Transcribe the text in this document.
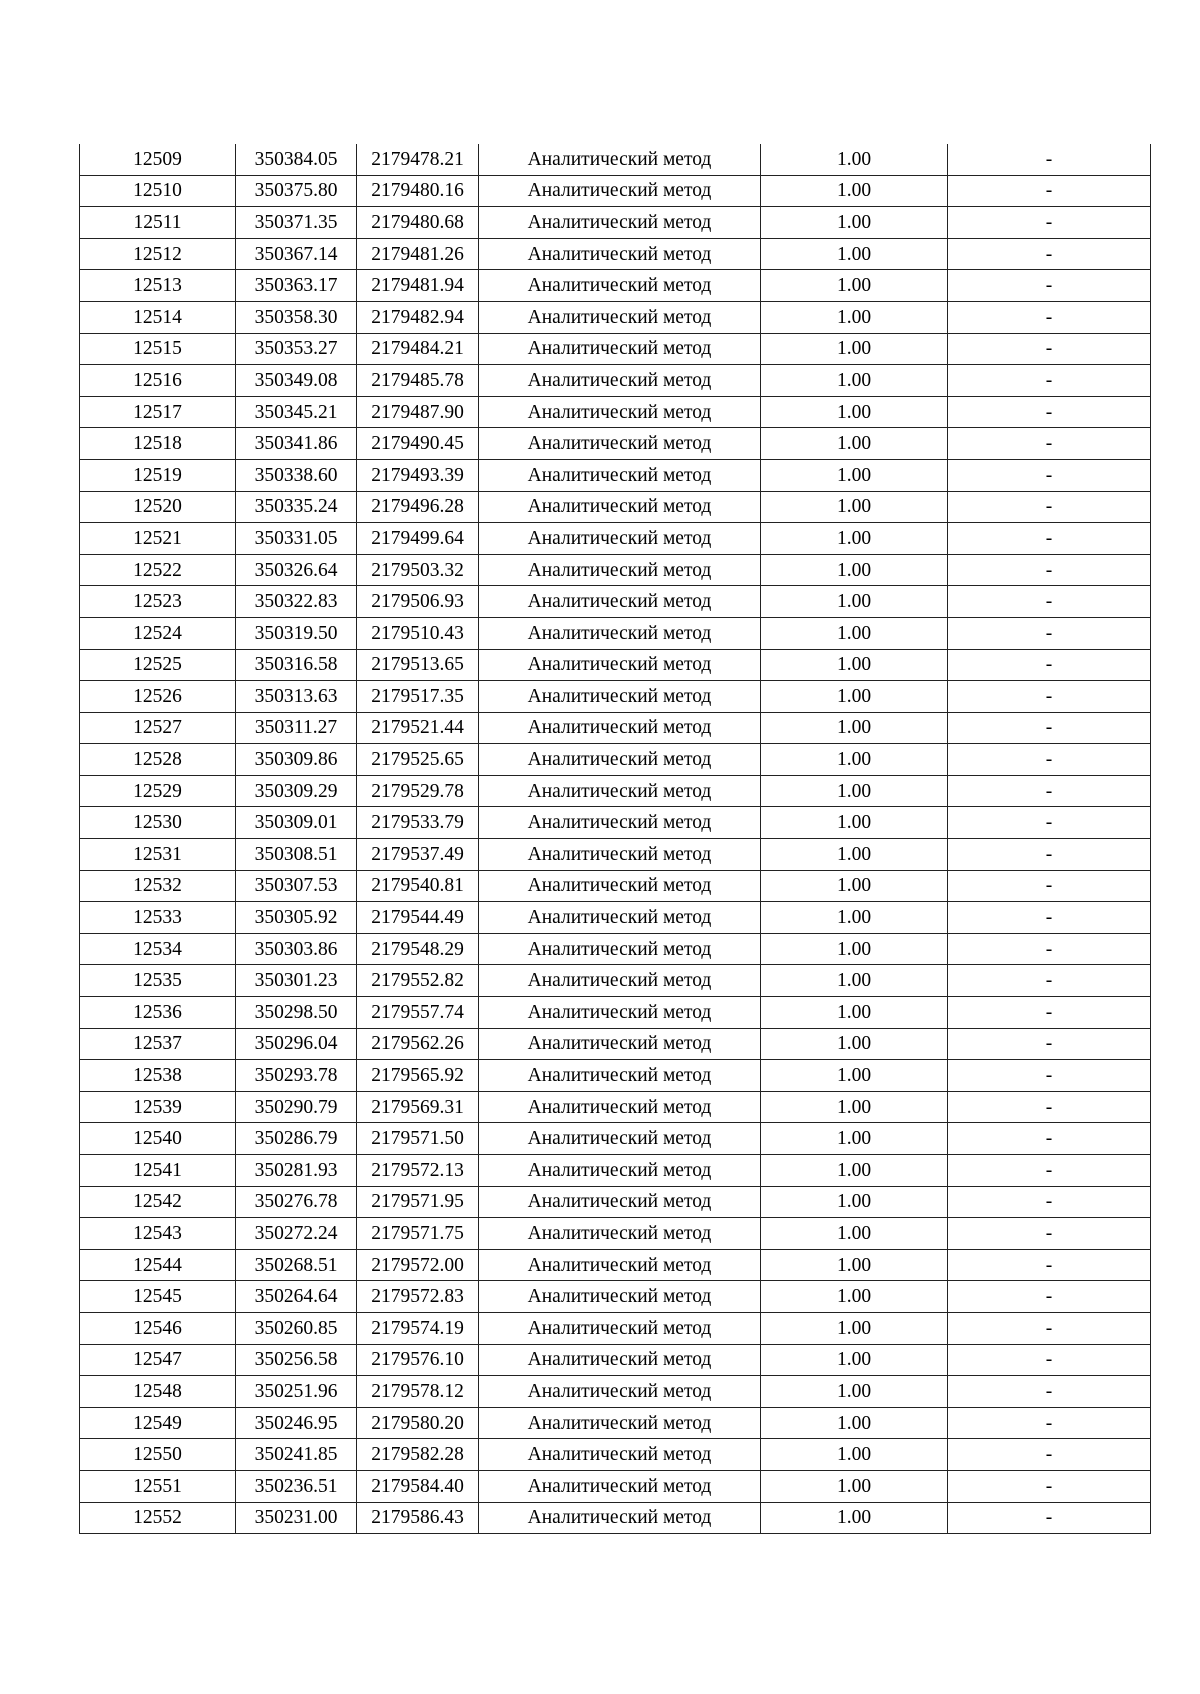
12509	350384.05	2179478.21	Аналитический метод	1.00	-
12510	350375.80	2179480.16	Аналитический метод	1.00	-
12511	350371.35	2179480.68	Аналитический метод	1.00	-
12512	350367.14	2179481.26	Аналитический метод	1.00	-
12513	350363.17	2179481.94	Аналитический метод	1.00	-
12514	350358.30	2179482.94	Аналитический метод	1.00	-
12515	350353.27	2179484.21	Аналитический метод	1.00	-
12516	350349.08	2179485.78	Аналитический метод	1.00	-
12517	350345.21	2179487.90	Аналитический метод	1.00	-
12518	350341.86	2179490.45	Аналитический метод	1.00	-
12519	350338.60	2179493.39	Аналитический метод	1.00	-
12520	350335.24	2179496.28	Аналитический метод	1.00	-
12521	350331.05	2179499.64	Аналитический метод	1.00	-
12522	350326.64	2179503.32	Аналитический метод	1.00	-
12523	350322.83	2179506.93	Аналитический метод	1.00	-
12524	350319.50	2179510.43	Аналитический метод	1.00	-
12525	350316.58	2179513.65	Аналитический метод	1.00	-
12526	350313.63	2179517.35	Аналитический метод	1.00	-
12527	350311.27	2179521.44	Аналитический метод	1.00	-
12528	350309.86	2179525.65	Аналитический метод	1.00	-
12529	350309.29	2179529.78	Аналитический метод	1.00	-
12530	350309.01	2179533.79	Аналитический метод	1.00	-
12531	350308.51	2179537.49	Аналитический метод	1.00	-
12532	350307.53	2179540.81	Аналитический метод	1.00	-
12533	350305.92	2179544.49	Аналитический метод	1.00	-
12534	350303.86	2179548.29	Аналитический метод	1.00	-
12535	350301.23	2179552.82	Аналитический метод	1.00	-
12536	350298.50	2179557.74	Аналитический метод	1.00	-
12537	350296.04	2179562.26	Аналитический метод	1.00	-
12538	350293.78	2179565.92	Аналитический метод	1.00	-
12539	350290.79	2179569.31	Аналитический метод	1.00	-
12540	350286.79	2179571.50	Аналитический метод	1.00	-
12541	350281.93	2179572.13	Аналитический метод	1.00	-
12542	350276.78	2179571.95	Аналитический метод	1.00	-
12543	350272.24	2179571.75	Аналитический метод	1.00	-
12544	350268.51	2179572.00	Аналитический метод	1.00	-
12545	350264.64	2179572.83	Аналитический метод	1.00	-
12546	350260.85	2179574.19	Аналитический метод	1.00	-
12547	350256.58	2179576.10	Аналитический метод	1.00	-
12548	350251.96	2179578.12	Аналитический метод	1.00	-
12549	350246.95	2179580.20	Аналитический метод	1.00	-
12550	350241.85	2179582.28	Аналитический метод	1.00	-
12551	350236.51	2179584.40	Аналитический метод	1.00	-
12552	350231.00	2179586.43	Аналитический метод	1.00	-
